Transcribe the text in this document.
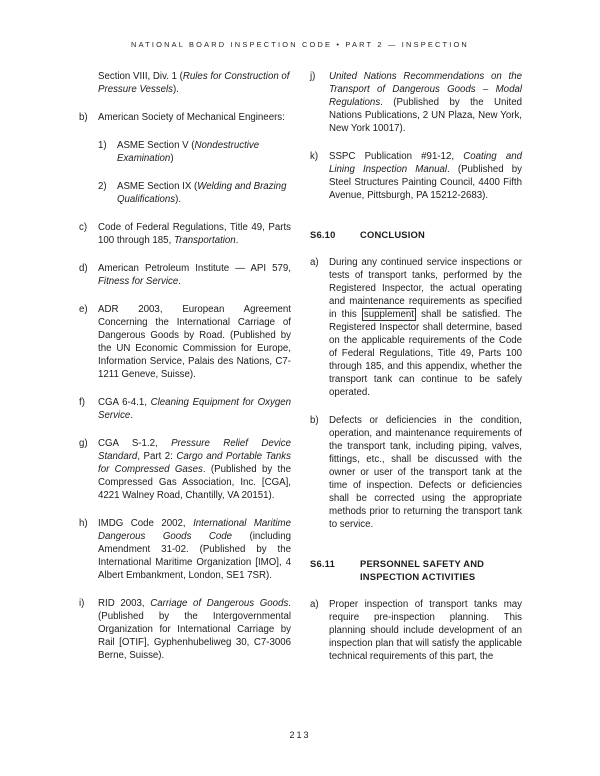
NATIONAL BOARD INSPECTION CODE • PART 2 — INSPECTION
Section VIII, Div. 1 (Rules for Construction of Pressure Vessels).
b) American Society of Mechanical Engineers:
1) ASME Section V (Nondestructive Examination)
2) ASME Section IX (Welding and Brazing Qualifications).
c) Code of Federal Regulations, Title 49, Parts 100 through 185, Transportation.
d) American Petroleum Institute — API 579, Fitness for Service.
e) ADR 2003, European Agreement Concerning the International Carriage of Dangerous Goods by Road. (Published by the UN Economic Commission for Europe, Information Service, Palais des Nations, C7-1211 Geneve, Suisse).
f) CGA 6-4.1, Cleaning Equipment for Oxygen Service.
g) CGA S-1.2, Pressure Relief Device Standard, Part 2: Cargo and Portable Tanks for Compressed Gases. (Published by the Compressed Gas Association, Inc. [CGA], 4221 Walney Road, Chantilly, VA 20151).
h) IMDG Code 2002, International Maritime Dangerous Goods Code (including Amendment 31-02. (Published by the International Maritime Organization [IMO], 4 Albert Embankment, London, SE1 7SR).
i) RID 2003, Carriage of Dangerous Goods. (Published by the Intergovernmental Organization for International Carriage by Rail [OTIF], Gyphenhubeliweg 30, C7-3006 Berne, Suisse).
j) United Nations Recommendations on the Transport of Dangerous Goods – Modal Regulations. (Published by the United Nations Publications, 2 UN Plaza, New York, New York 10017).
k) SSPC Publication #91-12, Coating and Lining Inspection Manual. (Published by Steel Structures Painting Council, 4400 Fifth Avenue, Pittsburgh, PA 15212-2683).
S6.10	CONCLUSION
a) During any continued service inspections or tests of transport tanks, performed by the Registered Inspector, the actual operating and maintenance requirements as specified in this supplement shall be satisfied. The Registered Inspector shall determine, based on the applicable requirements of the Code of Federal Regulations, Title 49, Parts 100 through 185, and this appendix, whether the transport tank can continue to be safely operated.
b) Defects or deficiencies in the condition, operation, and maintenance requirements of the transport tank, including piping, valves, fittings, etc., shall be discussed with the owner or user of the transport tank at the time of inspection. Defects or deficiencies shall be corrected using the appropriate methods prior to returning the transport tank to service.
S6.11	PERSONNEL SAFETY AND INSPECTION ACTIVITIES
a) Proper inspection of transport tanks may require pre-inspection planning. This planning should include development of an inspection plan that will satisfy the applicable technical requirements of this part, the
213
